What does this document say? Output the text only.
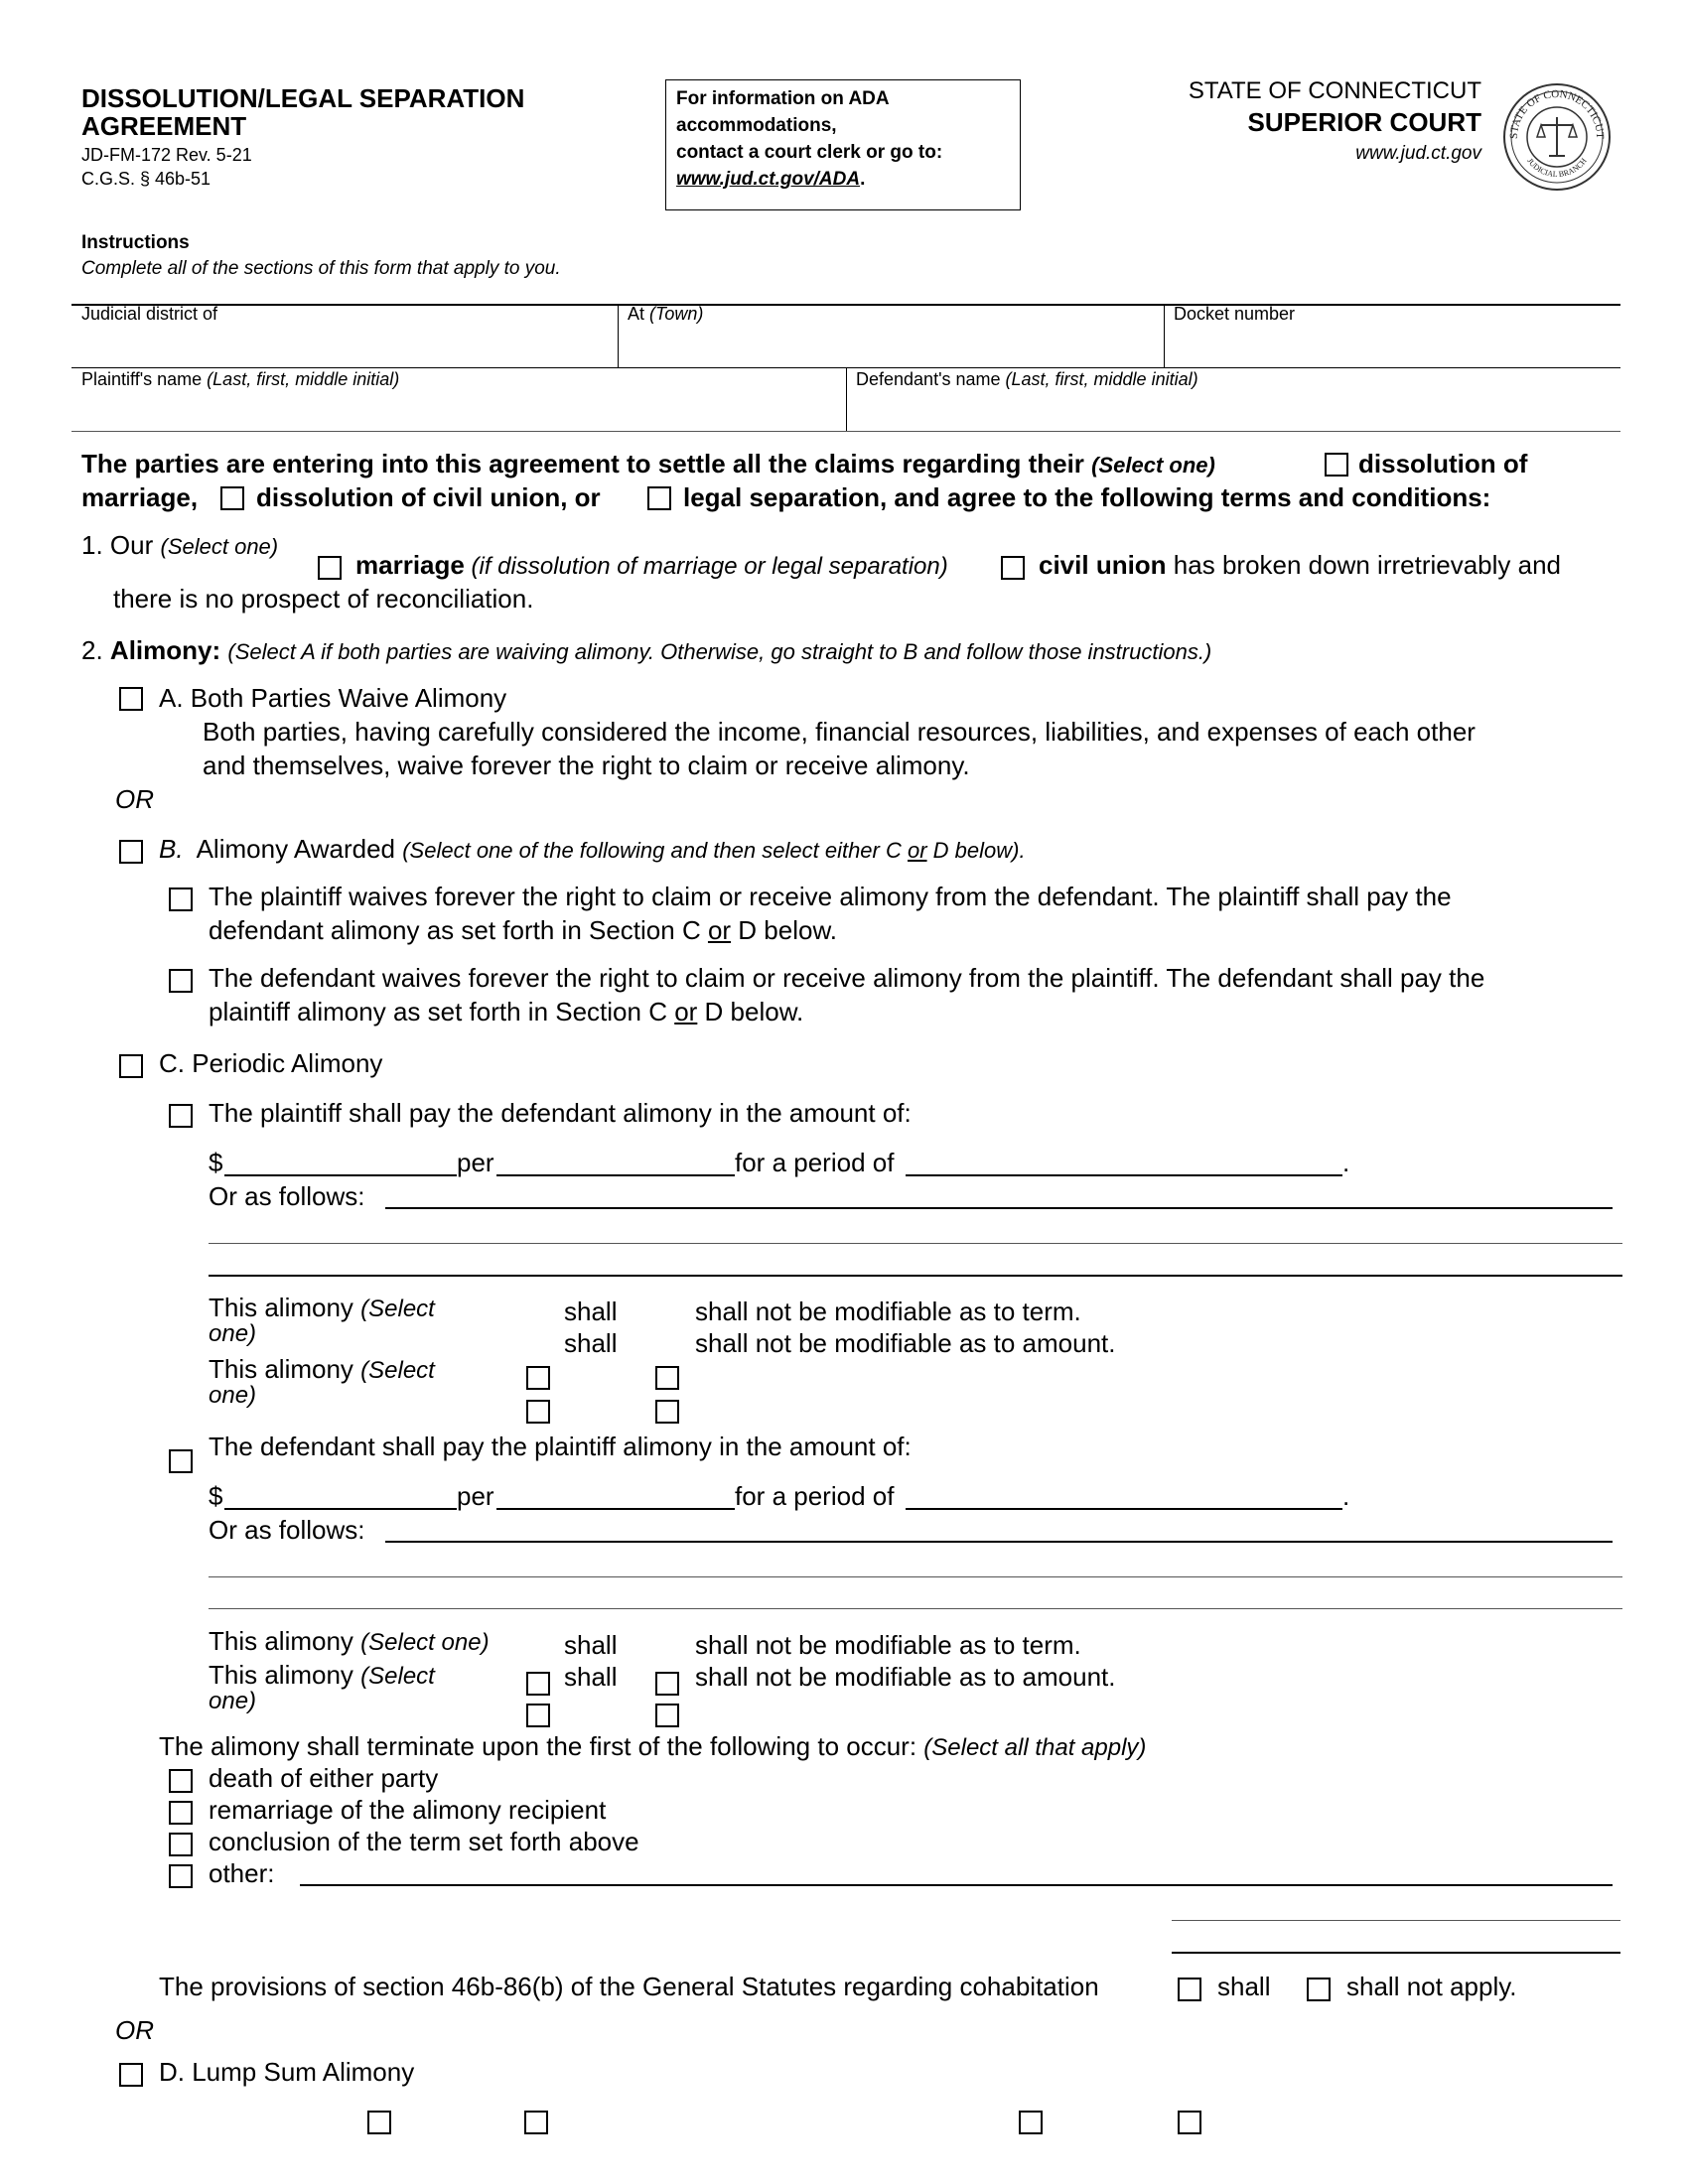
DISSOLUTION/LEGAL SEPARATION
AGREEMENT
JD-FM-172 Rev. 5-21
C.G.S. § 46b-51
For information on ADA
accommodations,
contact a court clerk or go to:
www.jud.ct.gov/ADA.
STATE OF CONNECTICUT
SUPERIOR COURT
www.jud.ct.gov
STATE OF CONNECTICUT
JUDICIAL BRANCH
Instructions
Complete all of the sections of this form that apply to you.
Judicial district of	At (Town)	Docket number
Plaintiff's name (Last, first, middle initial)	Defendant's name (Last, first, middle initial)
The parties are entering into this agreement to settle all the claims regarding their (Select one)	dissolution of
marriage, dissolution of civil union, or	legal separation, and agree to the following terms and conditions:
1. Our (Select one)
marriage (if dissolution of marriage or legal separation)	civil union has broken down irretrievably and
there is no prospect of reconciliation.
2. Alimony: (Select A if both parties are waiving alimony. Otherwise, go straight to B and follow those instructions.)
A. Both Parties Waive Alimony
Both parties, having carefully considered the income, financial resources, liabilities, and expenses of each other
and themselves, waive forever the right to claim or receive alimony.
OR
B. Alimony Awarded (Select one of the following and then select either C or D below).
The plaintiff waives forever the right to claim or receive alimony from the defendant. The plaintiff shall pay the
defendant alimony as set forth in Section C or D below.
The defendant waives forever the right to claim or receive alimony from the plaintiff. The defendant shall pay the
plaintiff alimony as set forth in Section C or D below.
C. Periodic Alimony
The plaintiff shall pay the defendant alimony in the amount of:
$	per	for a period of	.
Or as follows:
This alimony (Select
one)
shall	shall not be modifiable as to term.
This alimony (Select
one)
shall	shall not be modifiable as to amount.
The defendant shall pay the plaintiff alimony in the amount of:
$	per	for a period of	.
Or as follows:
This alimony (Select one)	shall	shall not be modifiable as to term.
This alimony (Select
one)
shall	shall not be modifiable as to amount.
The alimony shall terminate upon the first of the following to occur: (Select all that apply)
death of either party
remarriage of the alimony recipient
conclusion of the term set forth above
other:
The provisions of section 46b-86(b) of the General Statutes regarding cohabitation	shall	shall not apply.
OR
D. Lump Sum Alimony
